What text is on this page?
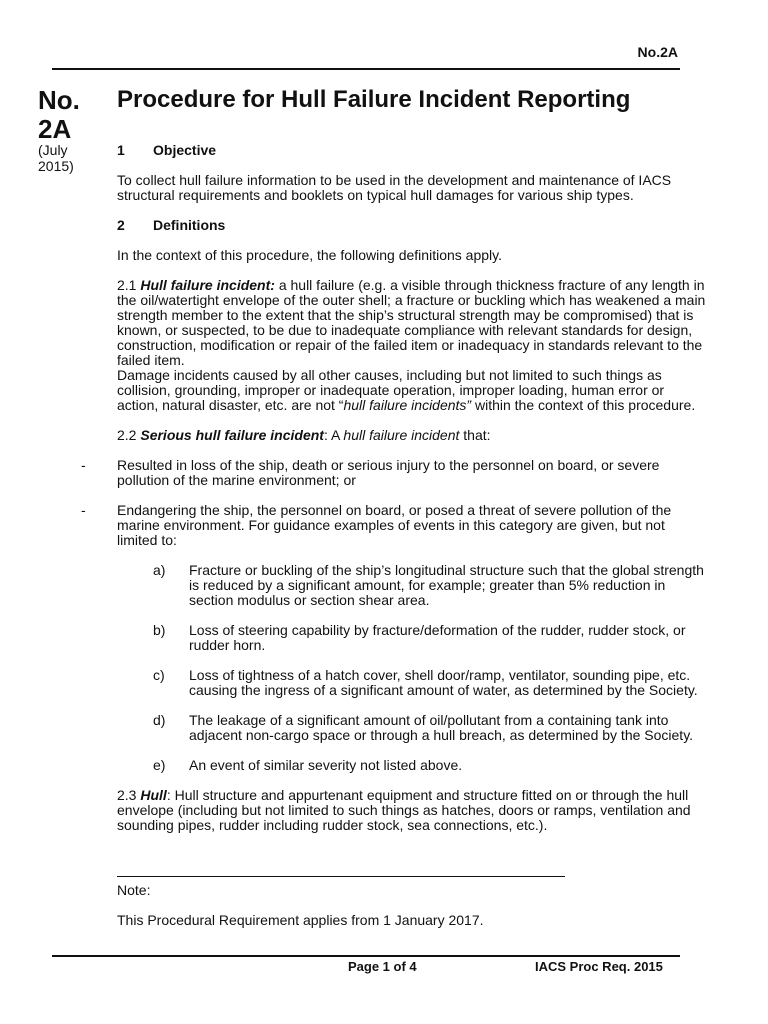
No.2A
No.
2A
(July
2015)
Procedure for Hull Failure Incident Reporting
1 Objective

To collect hull failure information to be used in the development and maintenance of IACS structural requirements and booklets on typical hull damages for various ship types.

2 Definitions

In the context of this procedure, the following definitions apply.

2.1 Hull failure incident: a hull failure (e.g. a visible through thickness fracture of any length in the oil/watertight envelope of the outer shell; a fracture or buckling which has weakened a main strength member to the extent that the ship’s structural strength may be compromised) that is known, or suspected, to be due to inadequate compliance with relevant standards for design, construction, modification or repair of the failed item or inadequacy in standards relevant to the failed item.
Damage incidents caused by all other causes, including but not limited to such things as collision, grounding, improper or inadequate operation, improper loading, human error or action, natural disaster, etc. are not “hull failure incidents” within the context of this procedure.

2.2 Serious hull failure incident: A hull failure incident that:

-	Resulted in loss of the ship, death or serious injury to the personnel on board, or severe pollution of the marine environment; or
-	Endangering the ship, the personnel on board, or posed a threat of severe pollution of the marine environment. For guidance examples of events in this category are given, but not limited to:
a)	Fracture or buckling of the ship’s longitudinal structure such that the global strength is reduced by a significant amount, for example; greater than 5% reduction in section modulus or section shear area.
b)	Loss of steering capability by fracture/deformation of the rudder, rudder stock, or rudder horn.
c)	Loss of tightness of a hatch cover, shell door/ramp, ventilator, sounding pipe, etc. causing the ingress of a significant amount of water, as determined by the Society.
d)	The leakage of a significant amount of oil/pollutant from a containing tank into adjacent non-cargo space or through a hull breach, as determined by the Society.
e)	An event of similar severity not listed above.

2.3 Hull: Hull structure and appurtenant equipment and structure fitted on or through the hull envelope (including but not limited to such things as hatches, doors or ramps, ventilation and sounding pipes, rudder including rudder stock, sea connections, etc.).

Note:
This Procedural Requirement applies from 1 January 2017.
Page 1 of 4	IACS Proc Req. 2015
